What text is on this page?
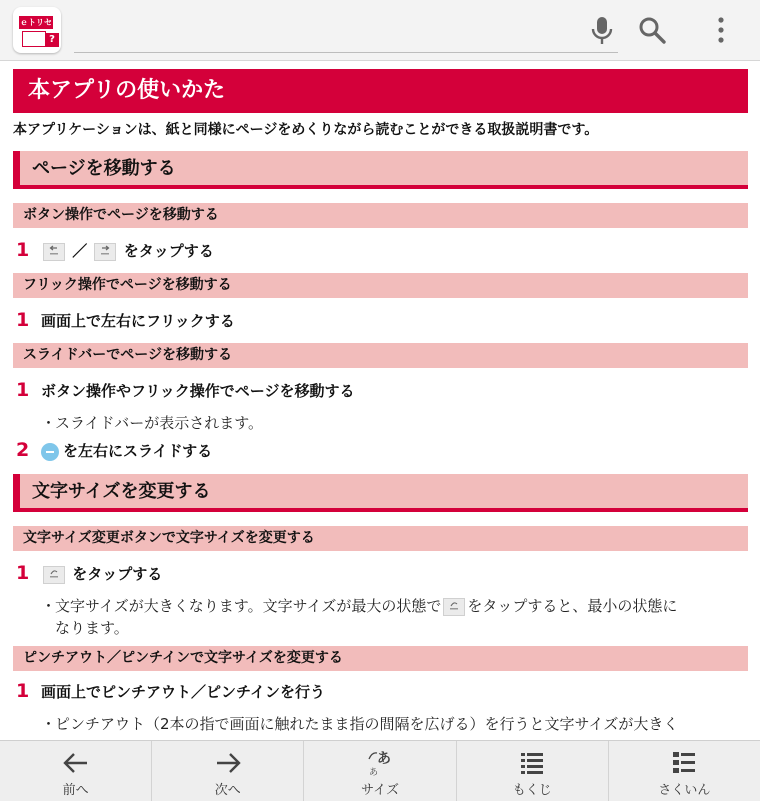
ｅトリセ
?
本アプリの使いかた
本アプリケーションは、紙と同様にページをめくりながら読むことができる取扱説明書です。
ページを移動する
ボタン操作でページを移動する
1	／ をタップする
フリック操作でページを移動する
1 画面上で左右にフリックする
スライドバーでページを移動する
1 ボタン操作やフリック操作でページを移動する
・スライドバーが表示されます。
2	を左右にスライドする
文字サイズを変更する
文字サイズ変更ボタンで文字サイズを変更する
1	をタップする
・文字サイズが大きくなります。文字サイズが最大の状態で をタップすると、最小の状態に
なります。
ピンチアウト／ピンチインで文字サイズを変更する
1 画面上でピンチアウト／ピンチインを行う
・ピンチアウト（2本の指で画面に触れたまま指の間隔を広げる）を行うと文字サイズが大きく
前へ	次へ
あ
あ
サイズ	もくじ	さくいん
